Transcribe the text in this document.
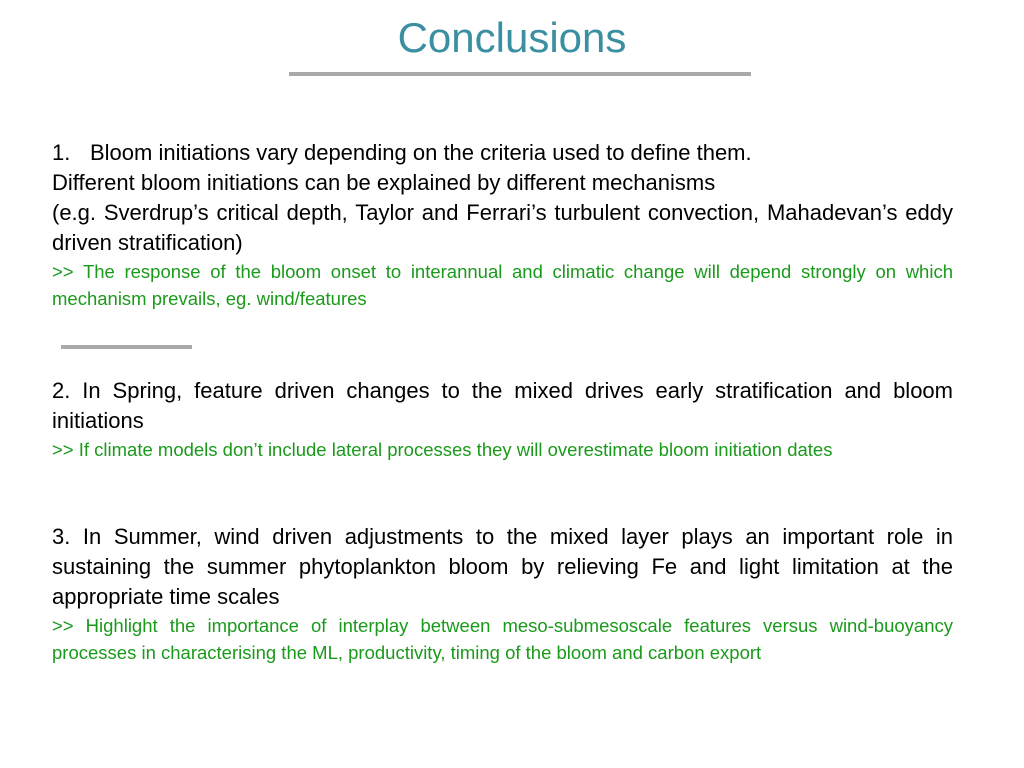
Conclusions

1. Bloom initiations vary depending on the criteria used to define them.

Different bloom initiations can be explained by different mechanisms

(e.g. Sverdrup’s critical depth, Taylor and Ferrari’s turbulent convection, Mahadevan’s eddy driven stratification)

>> The response of the bloom onset to interannual and climatic change will depend strongly on which mechanism prevails, eg. wind/features

2. In Spring, feature driven changes to the mixed drives early stratification and bloom initiations

>> If climate models don’t include lateral processes they will overestimate bloom initiation dates

3. In Summer, wind driven adjustments to the mixed layer plays an important role in sustaining the summer phytoplankton bloom by relieving Fe and light limitation at the appropriate time scales

>> Highlight the importance of interplay between meso-submesoscale features versus wind-buoyancy processes in characterising the ML, productivity, timing of the bloom and carbon export
